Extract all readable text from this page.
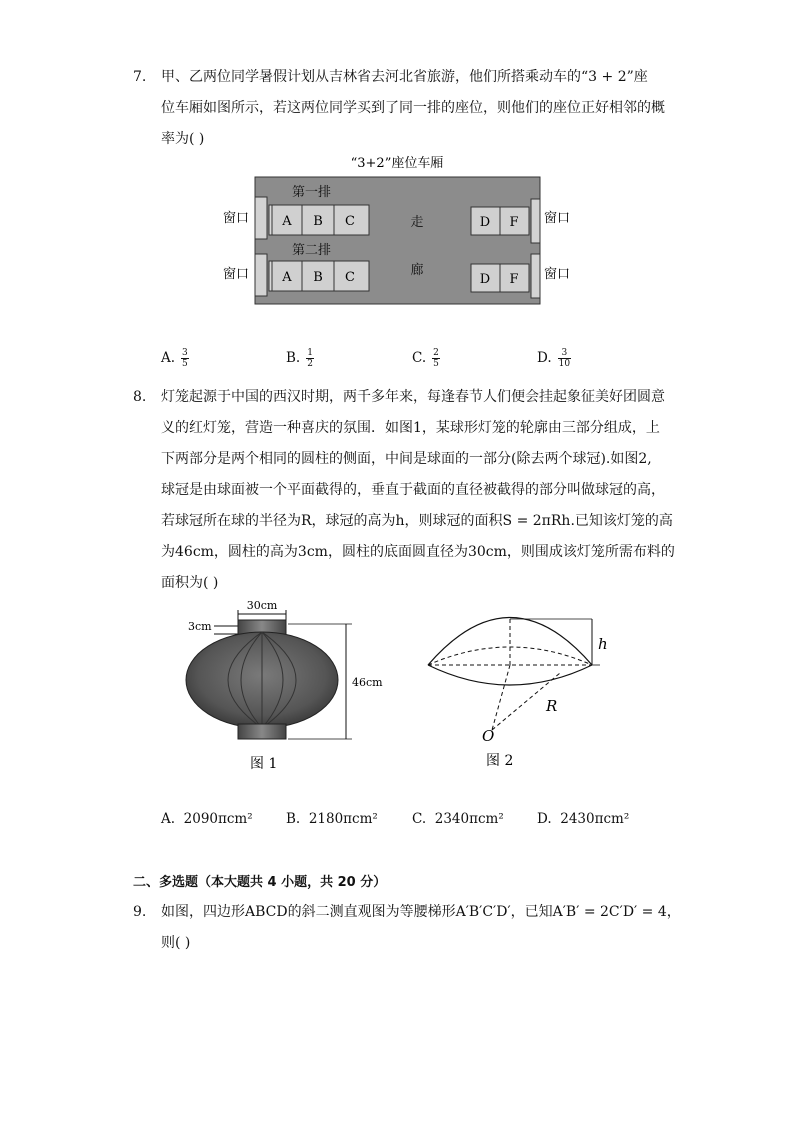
7. 甲、乙两位同学暑假计划从吉林省去河北省旅游，他们所搭乘动车的“3 + 2”座
位车厢如图所示，若这两位同学买到了同一排的座位，则他们的座位正好相邻的概
率为( )
“3+2”座位车厢
第一排
第二排
A B C
A B C
走
廊
D F
D F
窗口
窗口
窗口
窗口
A. $\frac{3}{5}$	B. $\frac{1}{2}$	C. $\frac{2}{5}$	D. $\frac{3}{10}$
8. 灯笼起源于中国的西汉时期，两千多年来，每逢春节人们便会挂起象征美好团圆意
义的红灯笼，营造一种喜庆的氛围．如图1，某球形灯笼的轮廓由三部分组成，上
下两部分是两个相同的圆柱的侧面，中间是球面的一部分(除去两个球冠).如图2,
球冠是由球面被一个平面截得的，垂直于截面的直径被截得的部分叫做球冠的高，
若球冠所在球的半径为R，球冠的高为h，则球冠的面积S = 2πRh.已知该灯笼的高
为46cm，圆柱的高为3cm，圆柱的底面圆直径为30cm，则围成该灯笼所需布料的
面积为( )
30cm
3cm
46cm
图 1
h
R
O
图 2
A. 2090πcm² B. 2180πcm²	C. 2340πcm² D. 2430πcm²
二、多选题（本大题共 4 小题，共 20 分）
9. 如图，四边形ABCD的斜二测直观图为等腰梯形A′B′C′D′，已知A′B′ = 2C′D′ = 4，
则( )
